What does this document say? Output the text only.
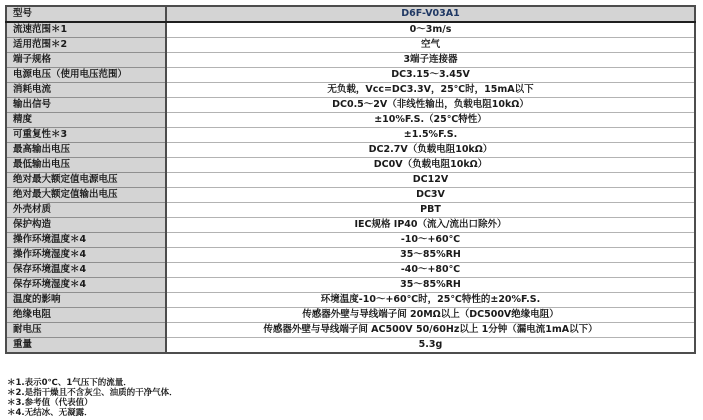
型号	D6F-V03A1
流速范围＊1	0～3m/s
适用范围＊2	空气
端子规格	3端子连接器
电源电压（使用电压范围）	DC3.15～3.45V
消耗电流	无负载，Vcc=DC3.3V，25℃时，15mA以下
输出信号	DC0.5～2V（非线性输出，负载电阻10kΩ）
精度	±10%F.S.（25℃特性）
可重复性＊3	±1.5%F.S.
最高输出电压	DC2.7V（负载电阻10kΩ）
最低输出电压	DC0V（负载电阻10kΩ）
绝对最大额定值电源电压	DC12V
绝对最大额定值输出电压	DC3V
外壳材质	PBT
保护构造	IEC规格 IP40（流入/流出口除外）
操作环境温度＊4	-10～+60℃
操作环境湿度＊4	35～85%RH
保存环境温度＊4	-40～+80℃
保存环境湿度＊4	35～85%RH
温度的影响	环境温度-10～+60℃时，25℃特性的±20%F.S.
绝缘电阻	传感器外壁与导线端子间 20MΩ以上（DC500V绝缘电阻）
耐电压	传感器外壁与导线端子间 AC500V 50/60Hz以上 1分钟（漏电流1mA以下）
重量	5.3g
＊1.表示0℃、1气压下的流量．
＊2.是指干燥且不含灰尘、油质的干净气体．
＊3.参考值（代表值）
＊4.无结冰、无凝露．
